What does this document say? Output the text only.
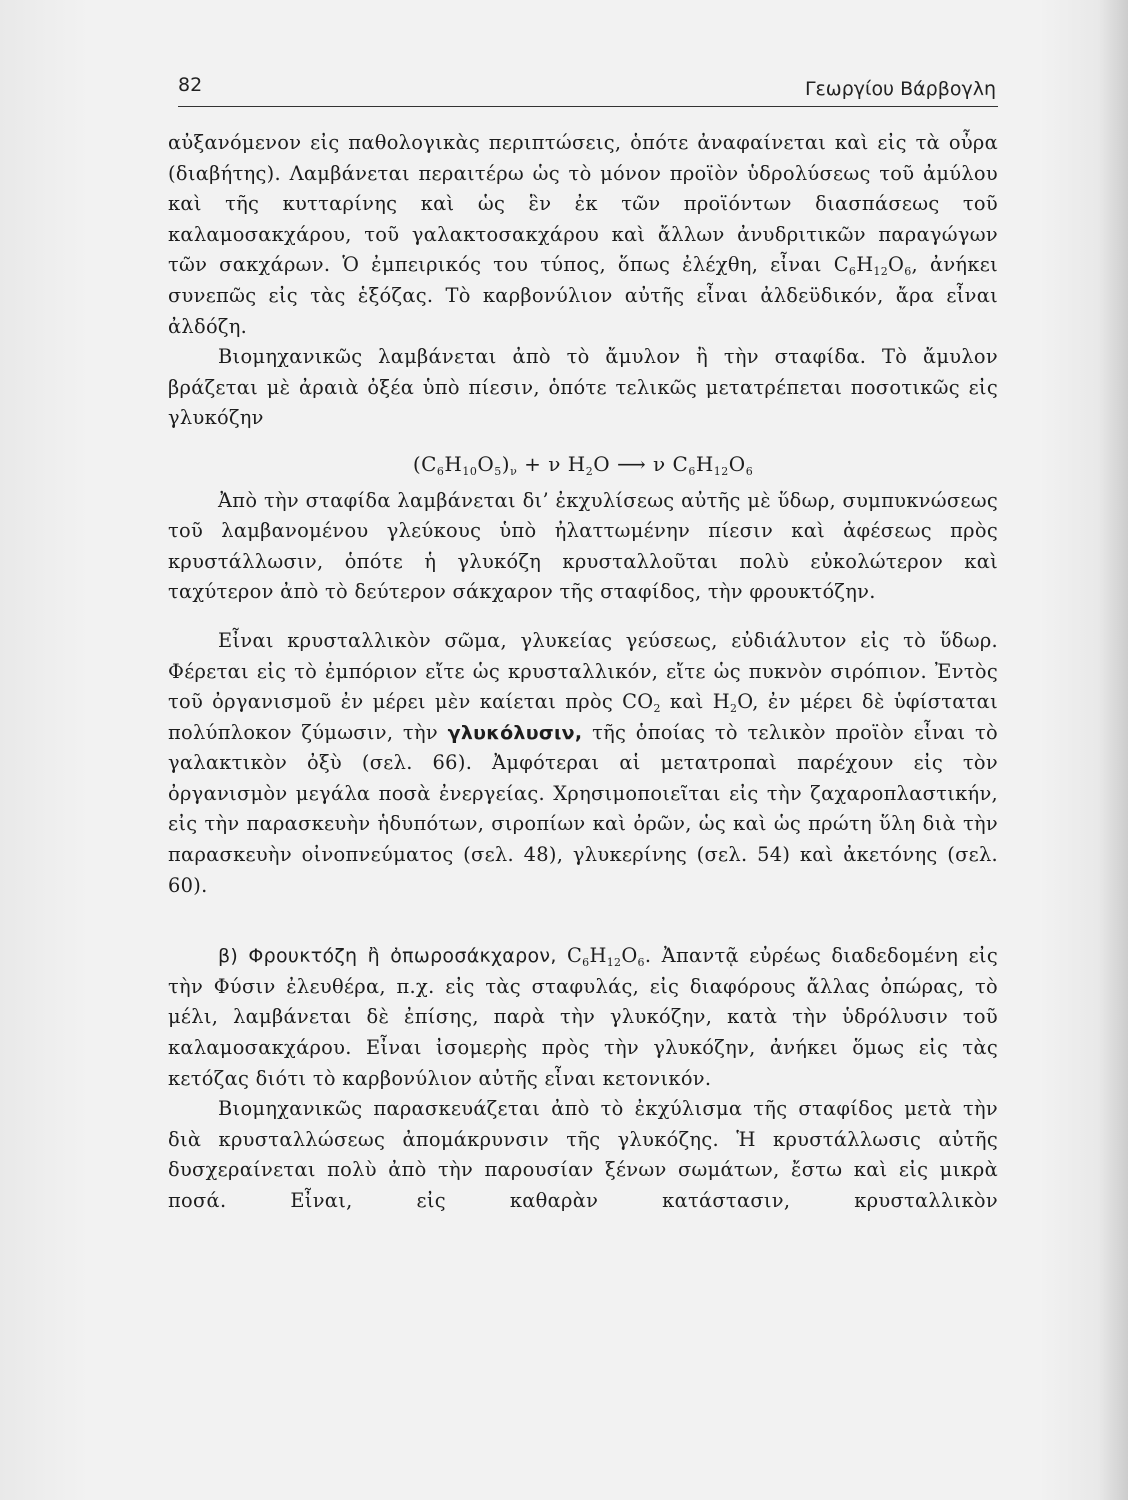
82	Γεωργίου Βάρβογλη

αὐξανόμενον εἰς παθολογικὰς περιπτώσεις, ὁπότε ἀναφαίνεται καὶ εἰς τὰ οὖρα (διαβήτης). Λαμβάνεται περαιτέρω ὡς τὸ μόνον προϊὸν ὑδρολύσεως τοῦ ἀμύλου καὶ τῆς κυτταρίνης καὶ ὡς ἓν ἐκ τῶν προϊόντων διασπάσεως τοῦ καλαμοσακχάρου, τοῦ γαλακτοσακχάρου καὶ ἄλλων ἀνυδριτικῶν παραγώγων τῶν σακχάρων. Ὁ ἐμπειρικός του τύπος, ὅπως ἐλέχθη, εἶναι $C_6H_{12}O_6$, ἀνήκει συνεπῶς εἰς τὰς ἑξόζας. Τὸ καρβονύλιον αὐτῆς εἶναι ἀλδεϋδικόν, ἄρα εἶναι ἀλδόζη.

Βιομηχανικῶς λαμβάνεται ἀπὸ τὸ ἄμυλον ἢ τὴν σταφίδα. Τὸ ἄμυλον βράζεται μὲ ἀραιὰ ὀξέα ὑπὸ πίεσιν, ὁπότε τελικῶς μετατρέπεται ποσοτικῶς εἰς γλυκόζην

$(C_6H_{10}O_5)_\nu + \nu$ $H_2O$ ⟶ ν $C_6H_{12}O_6$

Ἀπὸ τὴν σταφίδα λαμβάνεται δι’ ἐκχυλίσεως αὐτῆς μὲ ὕδωρ, συμπυκνώσεως τοῦ λαμβανομένου γλεύκους ὑπὸ ἠλαττωμένην πίεσιν καὶ ἀφέσεως πρὸς κρυστάλλωσιν, ὁπότε ἡ γλυκόζη κρυσταλλοῦται πολὺ εὐκολώτερον καὶ ταχύτερον ἀπὸ τὸ δεύτερον σάκχαρον τῆς σταφίδος, τὴν φρουκτόζην.

Εἶναι κρυσταλλικὸν σῶμα, γλυκείας γεύσεως, εὐδιάλυτον εἰς τὸ ὕδωρ. Φέρεται εἰς τὸ ἐμπόριον εἴτε ὡς κρυσταλλικόν, εἴτε ὡς πυκνὸν σιρόπιον. Ἐντὸς τοῦ ὀργανισμοῦ ἐν μέρει μὲν καίεται πρὸς $CO_2$ καὶ $H_2O$, ἐν μέρει δὲ ὑφίσταται πολύπλοκον ζύμωσιν, τὴν γλυκόλυσιν, τῆς ὁποίας τὸ τελικὸν προϊὸν εἶναι τὸ γαλακτικὸν ὀξὺ (σελ. 66). Ἀμφότεραι αἱ μετατροπαὶ παρέχουν εἰς τὸν ὀργανισμὸν μεγάλα ποσὰ ἐνεργείας. Χρησιμοποιεῖται εἰς τὴν ζαχαροπλαστικήν, εἰς τὴν παρασκευὴν ἡδυπότων, σιροπίων καὶ ὀρῶν, ὡς καὶ ὡς πρώτη ὕλη διὰ τὴν παρασκευὴν οἰνοπνεύματος (σελ. 48), γλυκερίνης (σελ. 54) καὶ ἀκετόνης (σελ. 60).

β) Φρουκτόζη ἢ ὀπωροσάκχαρον, $C_6H_{12}O_6$. Ἀπαντᾷ εὐρέως διαδεδομένη εἰς τὴν Φύσιν ἐλευθέρα, π.χ. εἰς τὰς σταφυλάς, εἰς διαφόρους ἄλλας ὀπώρας, τὸ μέλι, λαμβάνεται δὲ ἐπίσης, παρὰ τὴν γλυκόζην, κατὰ τὴν ὑδρόλυσιν τοῦ καλαμοσακχάρου. Εἶναι ἰσομερὴς πρὸς τὴν γλυκόζην, ἀνήκει ὅμως εἰς τὰς κετόζας διότι τὸ καρβονύλιον αὐτῆς εἶναι κετονικόν.

Βιομηχανικῶς παρασκευάζεται ἀπὸ τὸ ἐκχύλισμα τῆς σταφίδος μετὰ τὴν διὰ κρυσταλλώσεως ἀπομάκρυνσιν τῆς γλυκόζης. Ἡ κρυστάλλωσις αὐτῆς δυσχεραίνεται πολὺ ἀπὸ τὴν παρουσίαν ξένων σωμάτων, ἔστω καὶ εἰς μικρὰ ποσά. Εἶναι, εἰς καθαρὰν κατάστασιν, κρυσταλλικὸν
